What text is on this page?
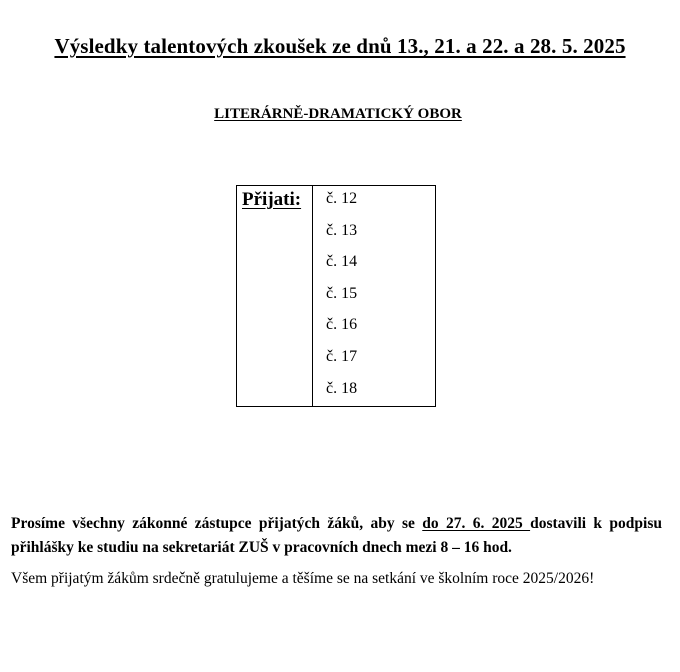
Výsledky talentových zkoušek ze dnů 13., 21. a 22. a 28. 5. 2025
LITERÁRNĚ-DRAMATICKÝ OBOR
Přijati: č. 12
č. 13
č. 14
č. 15
č. 16
č. 17
č. 18
Prosíme všechny zákonné zástupce přijatých žáků, aby se do 27. 6. 2025 dostavili k podpisu přihlášky ke studiu na sekretariát ZUŠ v pracovních dnech mezi 8 – 16 hod.
Všem přijatým žákům srdečně gratulujeme a těšíme se na setkání ve školním roce 2025/2026!
